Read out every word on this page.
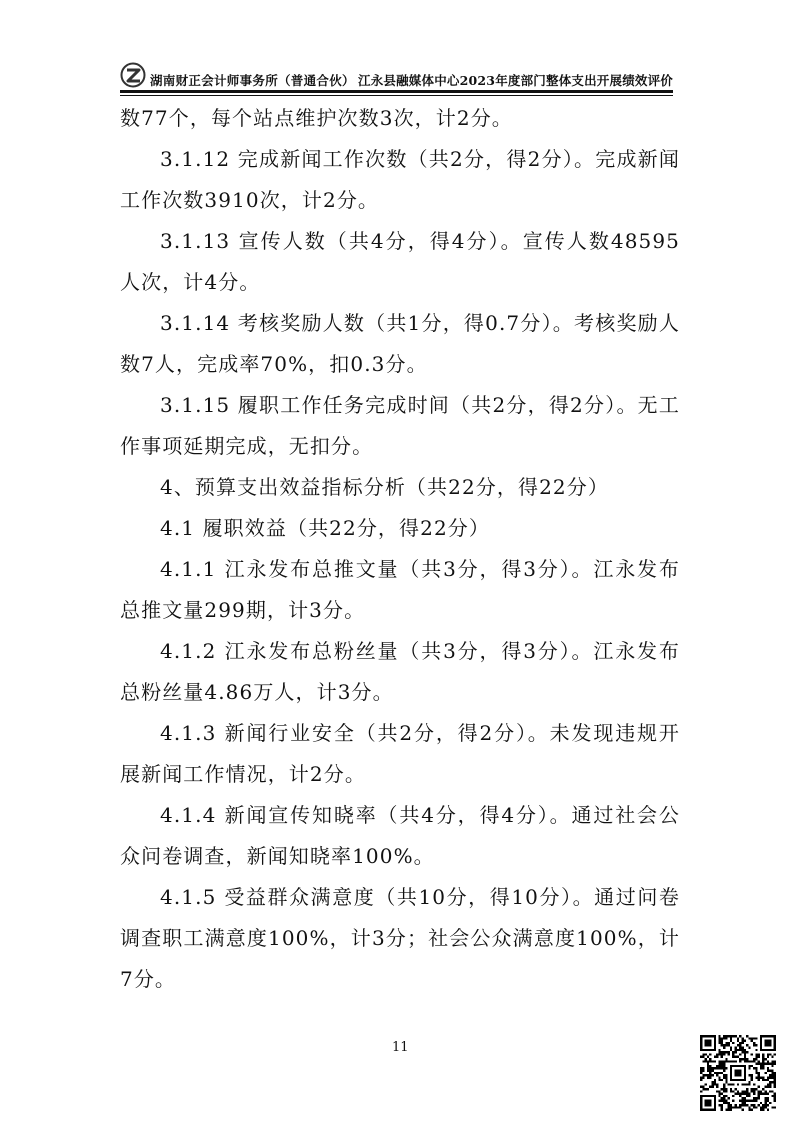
湖南财正会计师事务所（普通合伙） 江永县融媒体中心2023年度部门整体支出开展绩效评价

数77个，每个站点维护次数3次，计2分。

3.1.12 完成新闻工作次数（共2分，得2分）。完成新闻工作次数3910次，计2分。

3.1.13 宣传人数（共4分，得4分）。宣传人数48595人次，计4分。

3.1.14 考核奖励人数（共1分，得0.7分）。考核奖励人数7人，完成率70%，扣0.3分。

3.1.15 履职工作任务完成时间（共2分，得2分）。无工作事项延期完成，无扣分。

4、预算支出效益指标分析（共22分，得22分）

4.1 履职效益（共22分，得22分）

4.1.1 江永发布总推文量（共3分，得3分）。江永发布总推文量299期，计3分。

4.1.2 江永发布总粉丝量（共3分，得3分）。江永发布总粉丝量4.86万人，计3分。

4.1.3 新闻行业安全（共2分，得2分）。未发现违规开展新闻工作情况，计2分。

4.1.4 新闻宣传知晓率（共4分，得4分）。通过社会公众问卷调查，新闻知晓率100%。

4.1.5 受益群众满意度（共10分，得10分）。通过问卷调查职工满意度100%，计3分；社会公众满意度100%，计7分。

11
